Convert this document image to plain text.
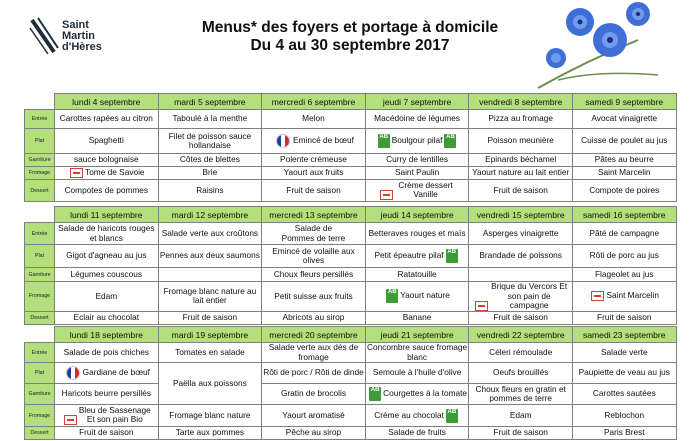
Saint
Martin
d'Hères
Menus* des foyers et portage à domicile
Du 4 au 30 septembre 2017
	lundi 4 septembre	mardi 5 septembre	mercredi 6 septembre	jeudi 7 septembre	vendredi 8 septembre	samedi 9 septembre
Entrée	Carottes rapées au citron	Taboulé à la menthe	Melon	Macédoine de légumes	Pizza au fromage	Avocat vinaigrette
Plat	Spaghetti	Filet de poisson sauce hollandaise	Emincé de bœuf	AB Boulgour pilaf AB	Poisson meunière	Cuisse de poulet au jus
Garniture	sauce bolognaise	Côtes de blettes	Polente crémeuse	Curry de lentilles	Epinards béchamel	Pâtes au beurre
Fromage	Tome de Savoie	Brie	Yaourt aux fruits	Saint Paulin	Yaourt nature au lait entier	Saint Marcelin
Dessert	Compotes de pommes	Raisins	Fruit de saison	Crème dessert Vanille	Fruit de saison	Compote de poires
	lundi 11 septembre	mardi 12 septembre	mercredi 13 septembre	jeudi 14 septembre	vendredi 15 septembre	samedi 16 septembre
Entrée	Salade de haricots rouges et blancs	Salade verte aux croûtons	Salade de Pommes de terre	Betteraves rouges et maïs	Asperges vinaigrette	Pâté de campagne
Plat	Gigot d'agneau au jus	Pennes aux deux saumons	Emincé de volaille aux olives	Petit épeautre pilaf AB	Brandade de poissons	Rôti de porc au jus
Garniture	Légumes couscous		Choux fleurs persillés	Ratatouille		Flageolet au jus
Fromage	Edam	Fromage blanc nature au lait entier	Petit suisse aux fruits	AB Yaourt nature	Brique du Vercors Et son pain de campagne	Saint Marcelin
Dessert	Eclair au chocolat	Fruit de saison	Abricots au sirop	Banane	Fruit de saison	Fruit de saison
	lundi 18 septembre	mardi 19 septembre	mercredi 20 septembre	jeudi 21 septembre	vendredi 22 septembre	samedi 23 septembre
Entrée	Salade de pois chiches	Tomates en salade	Salade verte aux dés de fromage	Concombre sauce fromage blanc	Céleri rémoulade	Salade verte
Plat	Gardiane de bœuf	Paëlla aux poissons	Rôti de porc / Rôti de dinde	Semoule à l'huile d'olive	Oeufs brouillés	Paupiette de veau au jus
Garniture	Haricots beurre persillés		Gratin de brocolis	AB Courgettes à la tomate	Choux fleurs en gratin et pommes de terre	Carottes sautées
Fromage	Bleu de Sassenage Et son pain Bio	Fromage blanc nature	Yaourt aromatisé	Crème au chocolat AB	Edam	Reblochon
Dessert	Fruit de saison	Tarte aux pommes	Pêche au sirop	Salade de fruits	Fruit de saison	Paris Brest
